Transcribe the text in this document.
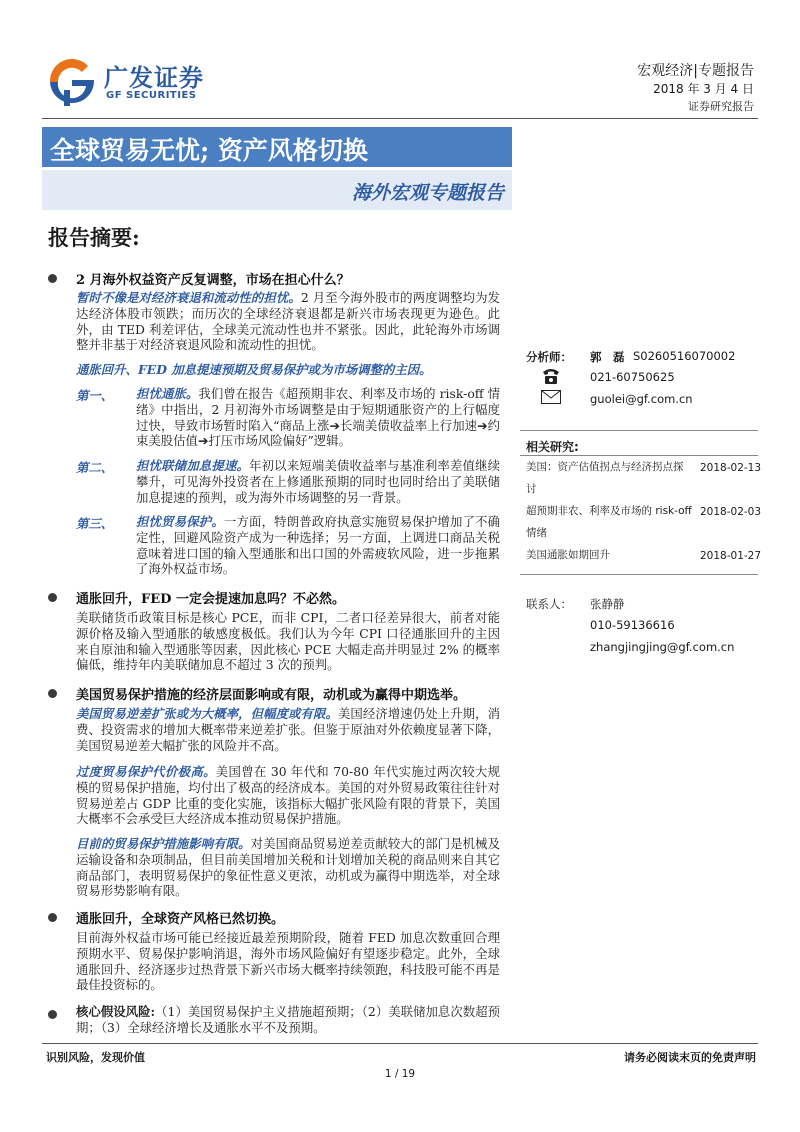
广发证券
GF SECURITIES
宏观经济|专题报告
2018 年 3 月 4 日
证券研究报告
全球贸易无忧; 资产风格切换
海外宏观专题报告
报告摘要:
2 月海外权益资产反复调整，市场在担心什么？
暂时不像是对经济衰退和流动性的担忧。2 月至今海外股市的两度调整均为发达经济体股市领跌；而历次的全球经济衰退都是新兴市场表现更为逊色。此外，由 TED 利差评估，全球美元流动性也并不紧张。因此，此轮海外市场调整并非基于对经济衰退风险和流动性的担忧。
通胀回升、FED 加息提速预期及贸易保护或为市场调整的主因。
第一、 担忧通胀。我们曾在报告《超预期非农、利率及市场的 risk-off 情绪》中指出，2 月初海外市场调整是由于短期通胀资产的上行幅度过快，导致市场暂时陷入“商品上涨➔长端美债收益率上行加速➔约束美股估值➔打压市场风险偏好”逻辑。
第二、 担忧联储加息提速。年初以来短端美债收益率与基准利率差值继续攀升，可见海外投资者在上修通胀预期的同时也同时给出了美联储加息提速的预判，或为海外市场调整的另一背景。
第三、 担忧贸易保护。一方面，特朗普政府执意实施贸易保护增加了不确定性，回避风险资产成为一种选择；另一方面，上调进口商品关税意味着进口国的输入型通胀和出口国的外需疲软风险，进一步拖累了海外权益市场。
通胀回升，FED 一定会提速加息吗？不必然。
美联储货币政策目标是核心 PCE，而非 CPI，二者口径差异很大，前者对能源价格及输入型通胀的敏感度极低。我们认为今年 CPI 口径通胀回升的主因来自原油和输入型通胀等因素，因此核心 PCE 大幅走高并明显过 2% 的概率偏低，维持年内美联储加息不超过 3 次的预判。
美国贸易保护措施的经济层面影响或有限，动机或为赢得中期选举。
美国贸易逆差扩张或为大概率，但幅度或有限。美国经济增速仍处上升期，消费、投资需求的增加大概率带来逆差扩张。但鉴于原油对外依赖度显著下降，美国贸易逆差大幅扩张的风险并不高。
过度贸易保护代价极高。美国曾在 30 年代和 70-80 年代实施过两次较大规模的贸易保护措施，均付出了极高的经济成本。美国的对外贸易政策往往针对贸易逆差占 GDP 比重的变化实施，该指标大幅扩张风险有限的背景下，美国大概率不会承受巨大经济成本推动贸易保护措施。
目前的贸易保护措施影响有限。对美国商品贸易逆差贡献较大的部门是机械及运输设备和杂项制品，但目前美国增加关税和计划增加关税的商品则来自其它商品部门，表明贸易保护的象征性意义更浓，动机或为赢得中期选举，对全球贸易形势影响有限。
通胀回升，全球资产风格已然切换。
目前海外权益市场可能已经接近最差预期阶段，随着 FED 加息次数重回合理预期水平、贸易保护影响消退，海外市场风险偏好有望逐步稳定。此外，全球通胀回升、经济逐步过热背景下新兴市场大概率持续领跑，科技股可能不再是最佳投资标的。
核心假设风险:（1）美国贸易保护主义措施超预期；（2）美联储加息次数超预期；（3）全球经济增长及通胀水平不及预期。
分析师： 郭　磊 S0260516070002
021-60750625
guolei@gf.com.cn
相关研究:
美国：资产估值拐点与经济拐点探讨
2018-02-13
超预期非农、利率及市场的 risk-off 情绪
2018-02-03
美国通胀如期回升	2018-01-27
联系人： 张静静
010-59136616
zhangjingjing@gf.com.cn
识别风险，发现价值	请务必阅读末页的免责声明
1 / 19
